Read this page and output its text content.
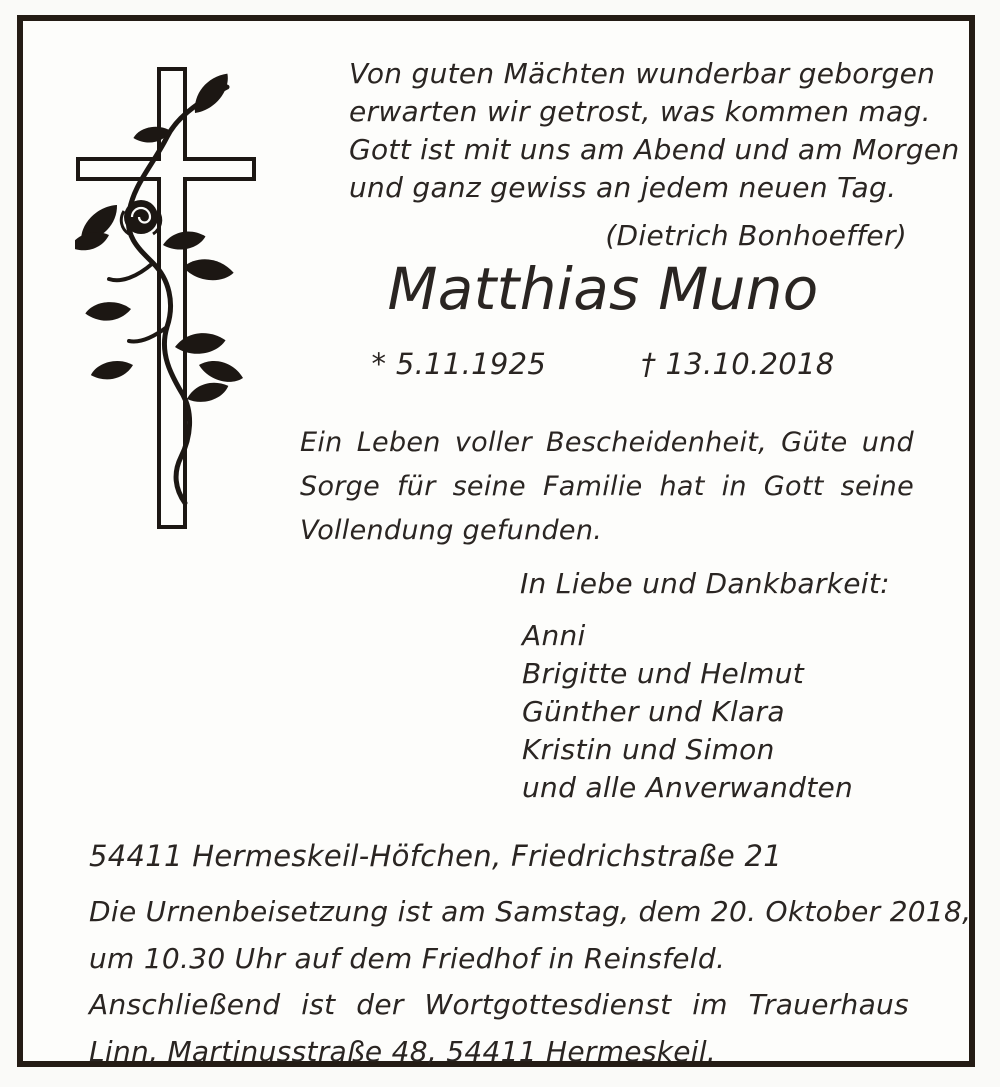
Von guten Mächten wunderbar geborgen
erwarten wir getrost, was kommen mag.
Gott ist mit uns am Abend und am Morgen
und ganz gewiss an jedem neuen Tag.
(Dietrich Bonhoeffer)
Matthias Muno
* 5.11.1925	† 13.10.2018
Ein Leben voller Bescheidenheit, Güte und
Sorge für seine Familie hat in Gott seine
Vollendung gefunden.
In Liebe und Dankbarkeit:
Anni
Brigitte und Helmut
Günther und Klara
Kristin und Simon
und alle Anverwandten
54411 Hermeskeil-Höfchen, Friedrichstraße 21
Die Urnenbeisetzung ist am Samstag, dem 20. Oktober 2018,
um 10.30 Uhr auf dem Friedhof in Reinsfeld.
Anschließend ist der Wortgottesdienst im Trauerhaus
Linn, Martinusstraße 48, 54411 Hermeskeil.
